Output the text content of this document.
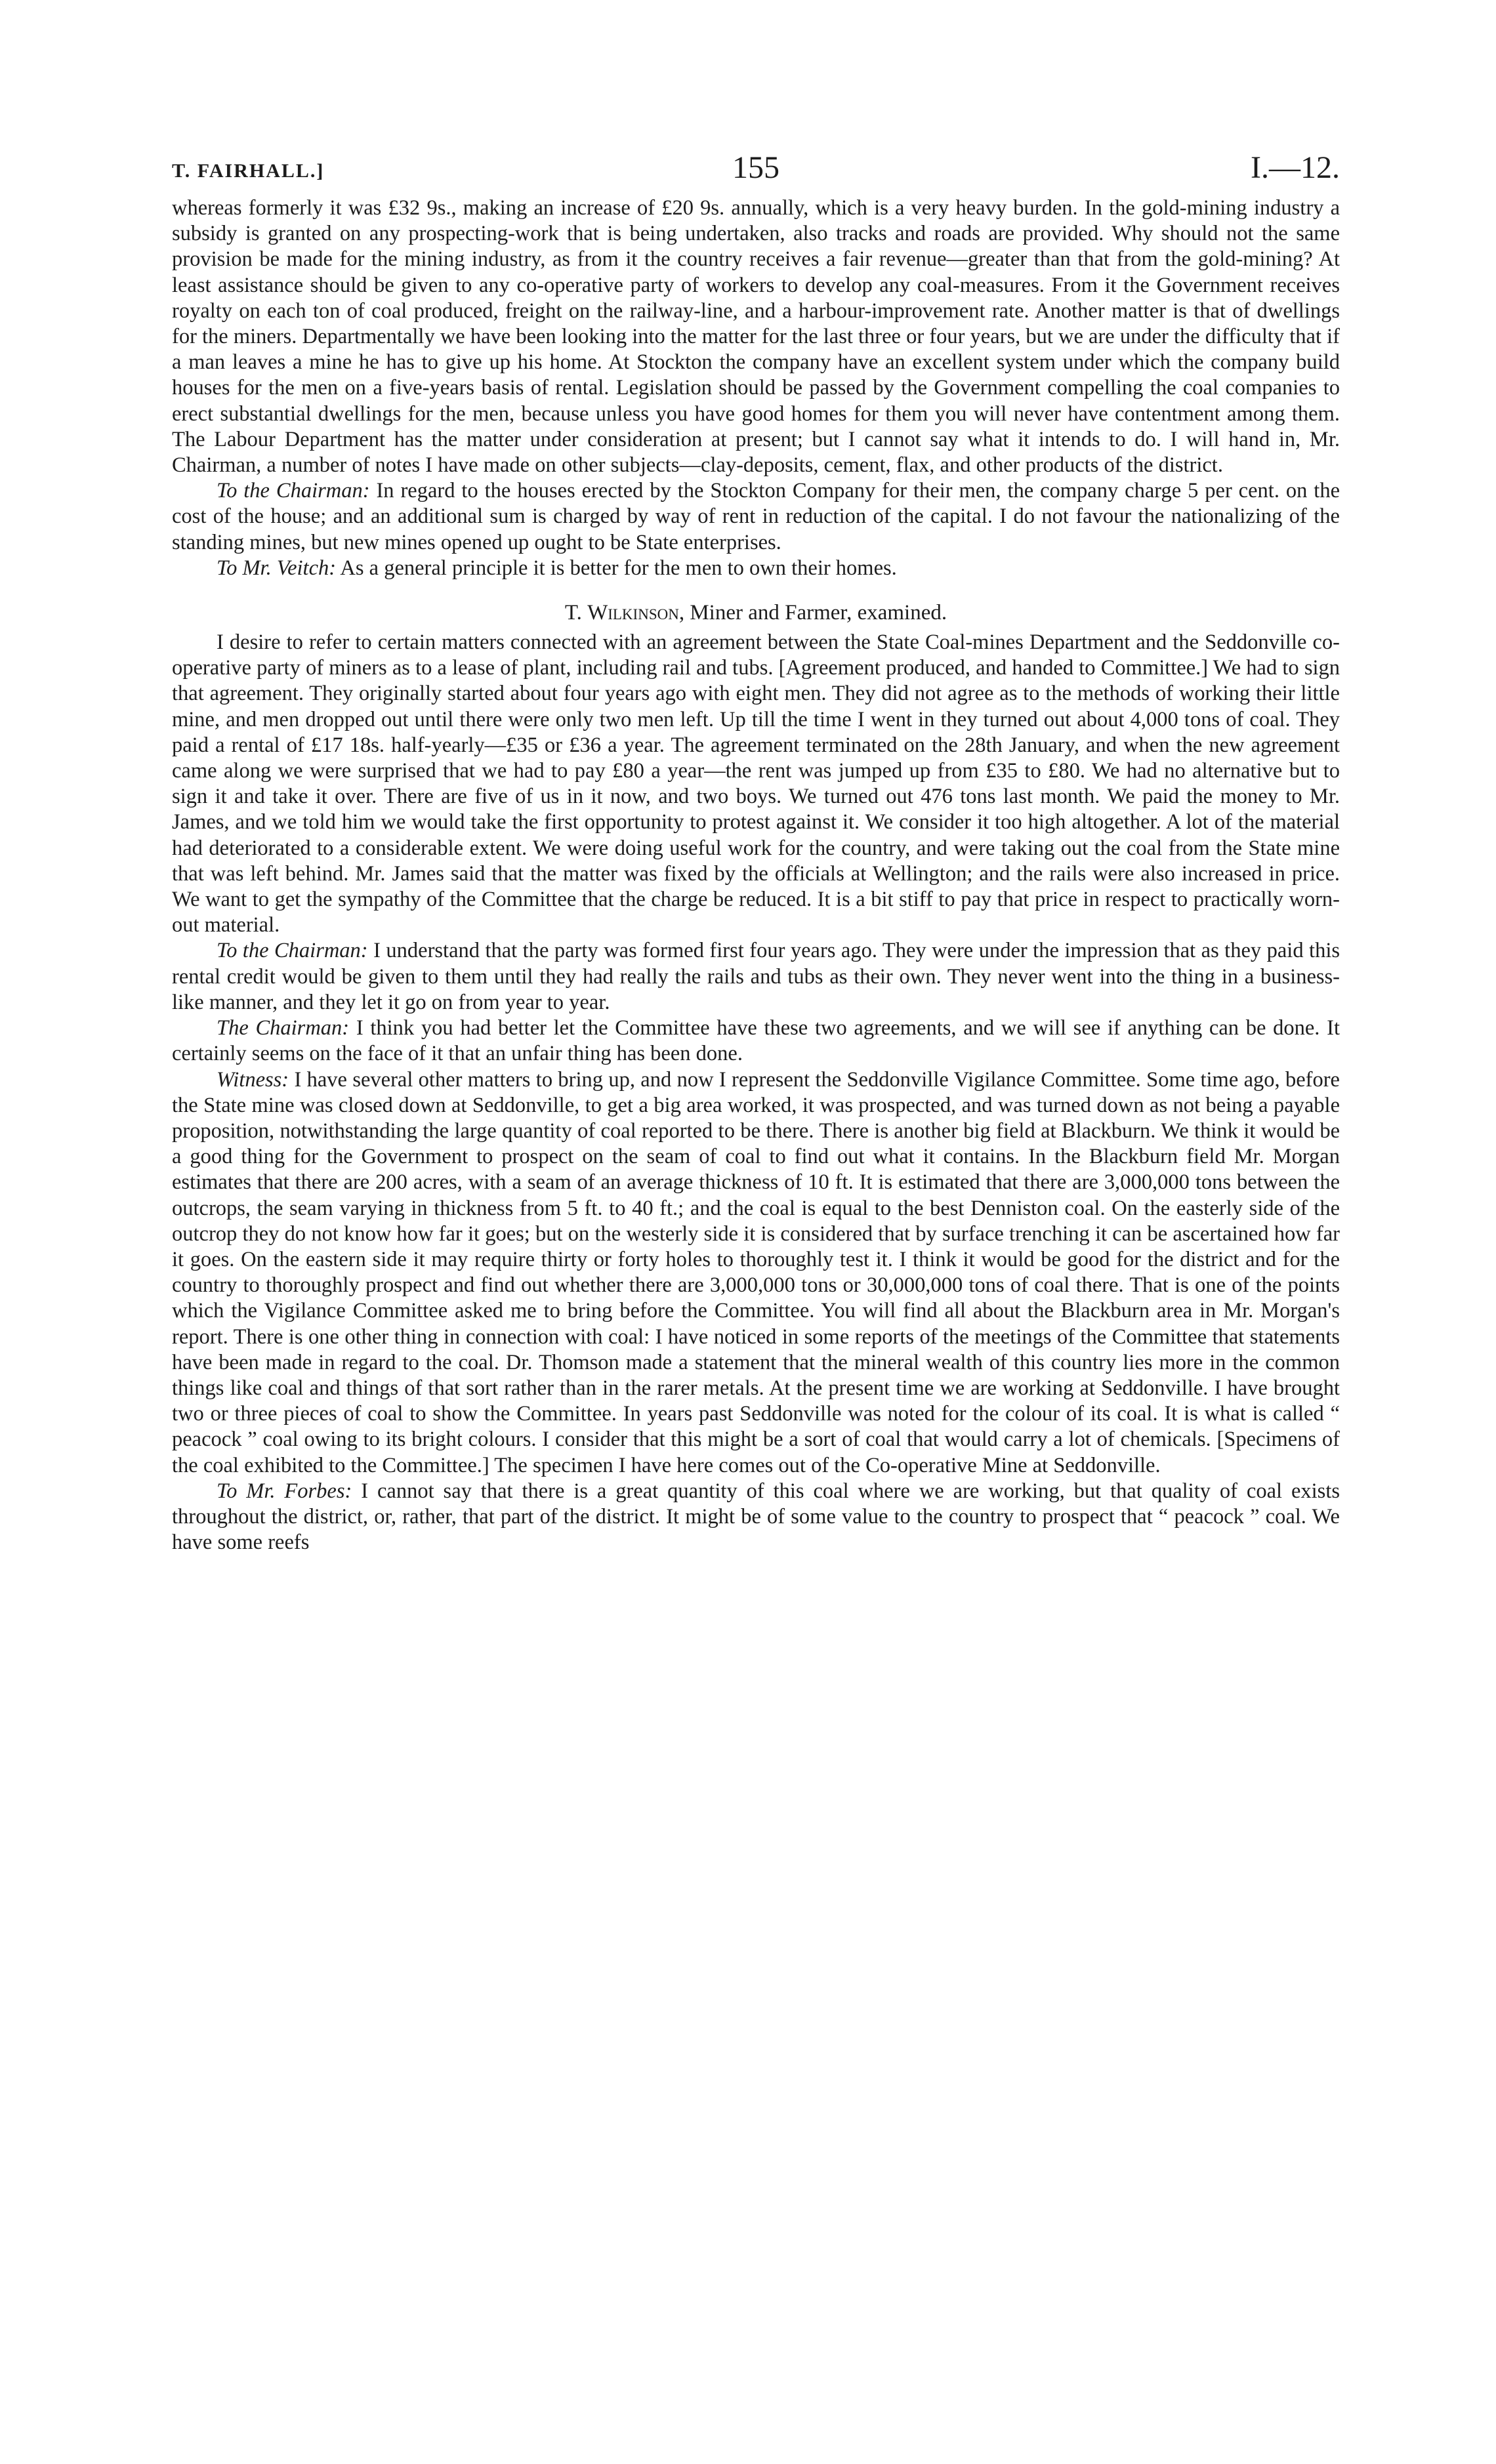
T. FAIRHALL.]	155	I.—12.

whereas formerly it was £32 9s., making an increase of £20 9s. annually, which is a very heavy burden. In the gold-mining industry a subsidy is granted on any prospecting-work that is being undertaken, also tracks and roads are provided. Why should not the same provision be made for the mining industry, as from it the country receives a fair revenue—greater than that from the gold-mining? At least assistance should be given to any co-operative party of workers to develop any coal-measures. From it the Government receives royalty on each ton of coal produced, freight on the railway-line, and a harbour-improvement rate. Another matter is that of dwellings for the miners. Departmentally we have been looking into the matter for the last three or four years, but we are under the difficulty that if a man leaves a mine he has to give up his home. At Stockton the company have an excellent system under which the company build houses for the men on a five-years basis of rental. Legislation should be passed by the Government compelling the coal companies to erect substantial dwellings for the men, because unless you have good homes for them you will never have contentment among them. The Labour Department has the matter under consideration at present; but I cannot say what it intends to do. I will hand in, Mr. Chairman, a number of notes I have made on other subjects—clay-deposits, cement, flax, and other products of the district.

To the Chairman: In regard to the houses erected by the Stockton Company for their men, the company charge 5 per cent. on the cost of the house; and an additional sum is charged by way of rent in reduction of the capital. I do not favour the nationalizing of the standing mines, but new mines opened up ought to be State enterprises.

To Mr. Veitch: As a general principle it is better for the men to own their homes.

T. Wilkinson, Miner and Farmer, examined.

I desire to refer to certain matters connected with an agreement between the State Coal-mines Department and the Seddonville co-operative party of miners as to a lease of plant, including rail and tubs. [Agreement produced, and handed to Committee.] We had to sign that agreement. They originally started about four years ago with eight men. They did not agree as to the methods of working their little mine, and men dropped out until there were only two men left. Up till the time I went in they turned out about 4,000 tons of coal. They paid a rental of £17 18s. half-yearly—£35 or £36 a year. The agreement terminated on the 28th January, and when the new agreement came along we were surprised that we had to pay £80 a year—the rent was jumped up from £35 to £80. We had no alternative but to sign it and take it over. There are five of us in it now, and two boys. We turned out 476 tons last month. We paid the money to Mr. James, and we told him we would take the first opportunity to protest against it. We consider it too high altogether. A lot of the material had deteriorated to a considerable extent. We were doing useful work for the country, and were taking out the coal from the State mine that was left behind. Mr. James said that the matter was fixed by the officials at Wellington; and the rails were also increased in price. We want to get the sympathy of the Committee that the charge be reduced. It is a bit stiff to pay that price in respect to practically worn-out material.

To the Chairman: I understand that the party was formed first four years ago. They were under the impression that as they paid this rental credit would be given to them until they had really the rails and tubs as their own. They never went into the thing in a business-like manner, and they let it go on from year to year.

The Chairman: I think you had better let the Committee have these two agreements, and we will see if anything can be done. It certainly seems on the face of it that an unfair thing has been done.

Witness: I have several other matters to bring up, and now I represent the Seddonville Vigilance Committee. Some time ago, before the State mine was closed down at Seddonville, to get a big area worked, it was prospected, and was turned down as not being a payable proposition, notwithstanding the large quantity of coal reported to be there. There is another big field at Blackburn. We think it would be a good thing for the Government to prospect on the seam of coal to find out what it contains. In the Blackburn field Mr. Morgan estimates that there are 200 acres, with a seam of an average thickness of 10 ft. It is estimated that there are 3,000,000 tons between the outcrops, the seam varying in thickness from 5 ft. to 40 ft.; and the coal is equal to the best Denniston coal. On the easterly side of the outcrop they do not know how far it goes; but on the westerly side it is considered that by surface trenching it can be ascertained how far it goes. On the eastern side it may require thirty or forty holes to thoroughly test it. I think it would be good for the district and for the country to thoroughly prospect and find out whether there are 3,000,000 tons or 30,000,000 tons of coal there. That is one of the points which the Vigilance Committee asked me to bring before the Committee. You will find all about the Blackburn area in Mr. Morgan's report. There is one other thing in connection with coal: I have noticed in some reports of the meetings of the Committee that statements have been made in regard to the coal. Dr. Thomson made a statement that the mineral wealth of this country lies more in the common things like coal and things of that sort rather than in the rarer metals. At the present time we are working at Seddonville. I have brought two or three pieces of coal to show the Committee. In years past Seddonville was noted for the colour of its coal. It is what is called “ peacock ” coal owing to its bright colours. I consider that this might be a sort of coal that would carry a lot of chemicals. [Specimens of the coal exhibited to the Committee.] The specimen I have here comes out of the Co-operative Mine at Seddonville.

To Mr. Forbes: I cannot say that there is a great quantity of this coal where we are working, but that quality of coal exists throughout the district, or, rather, that part of the district. It might be of some value to the country to prospect that “ peacock ” coal. We have some reefs
